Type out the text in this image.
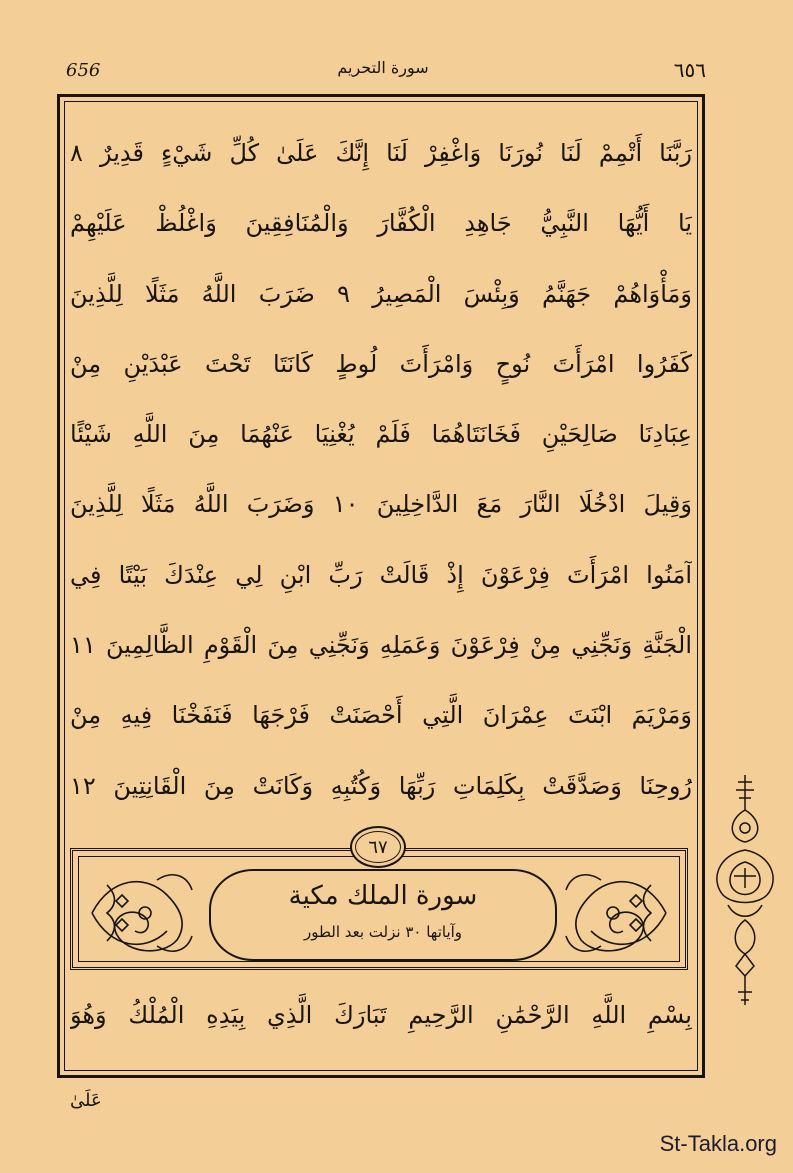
656	سورة التحريم	٦٥٦
رَبَّنَا أَتْمِمْ لَنَا نُورَنَا وَاغْفِرْ لَنَا إِنَّكَ عَلَىٰ كُلِّ شَيْءٍ قَدِيرٌ ٨
يَا أَيُّهَا النَّبِيُّ جَاهِدِ الْكُفَّارَ وَالْمُنَافِقِينَ وَاغْلُظْ عَلَيْهِمْ
وَمَأْوَاهُمْ جَهَنَّمُ وَبِئْسَ الْمَصِيرُ ٩ ضَرَبَ اللَّهُ مَثَلًا لِلَّذِينَ
كَفَرُوا امْرَأَتَ نُوحٍ وَامْرَأَتَ لُوطٍ كَانَتَا تَحْتَ عَبْدَيْنِ مِنْ
عِبَادِنَا صَالِحَيْنِ فَخَانَتَاهُمَا فَلَمْ يُغْنِيَا عَنْهُمَا مِنَ اللَّهِ شَيْئًا
وَقِيلَ ادْخُلَا النَّارَ مَعَ الدَّاخِلِينَ ١٠ وَضَرَبَ اللَّهُ مَثَلًا لِلَّذِينَ
آمَنُوا امْرَأَتَ فِرْعَوْنَ إِذْ قَالَتْ رَبِّ ابْنِ لِي عِنْدَكَ بَيْتًا فِي
الْجَنَّةِ وَنَجِّنِي مِنْ فِرْعَوْنَ وَعَمَلِهِ وَنَجِّنِي مِنَ الْقَوْمِ الظَّالِمِينَ ١١
وَمَرْيَمَ ابْنَتَ عِمْرَانَ الَّتِي أَحْصَنَتْ فَرْجَهَا فَنَفَخْنَا فِيهِ مِنْ
رُوحِنَا وَصَدَّقَتْ بِكَلِمَاتِ رَبِّهَا وَكُتُبِهِ وَكَانَتْ مِنَ الْقَانِتِينَ ١٢
سورة الملك مكية
وآياتها ٣٠ نزلت بعد الطور
٦٧
بِسْمِ اللَّهِ الرَّحْمَٰنِ الرَّحِيمِ تَبَارَكَ الَّذِي بِيَدِهِ الْمُلْكُ وَهُوَ
عَلَىٰ
St-Takla.org
